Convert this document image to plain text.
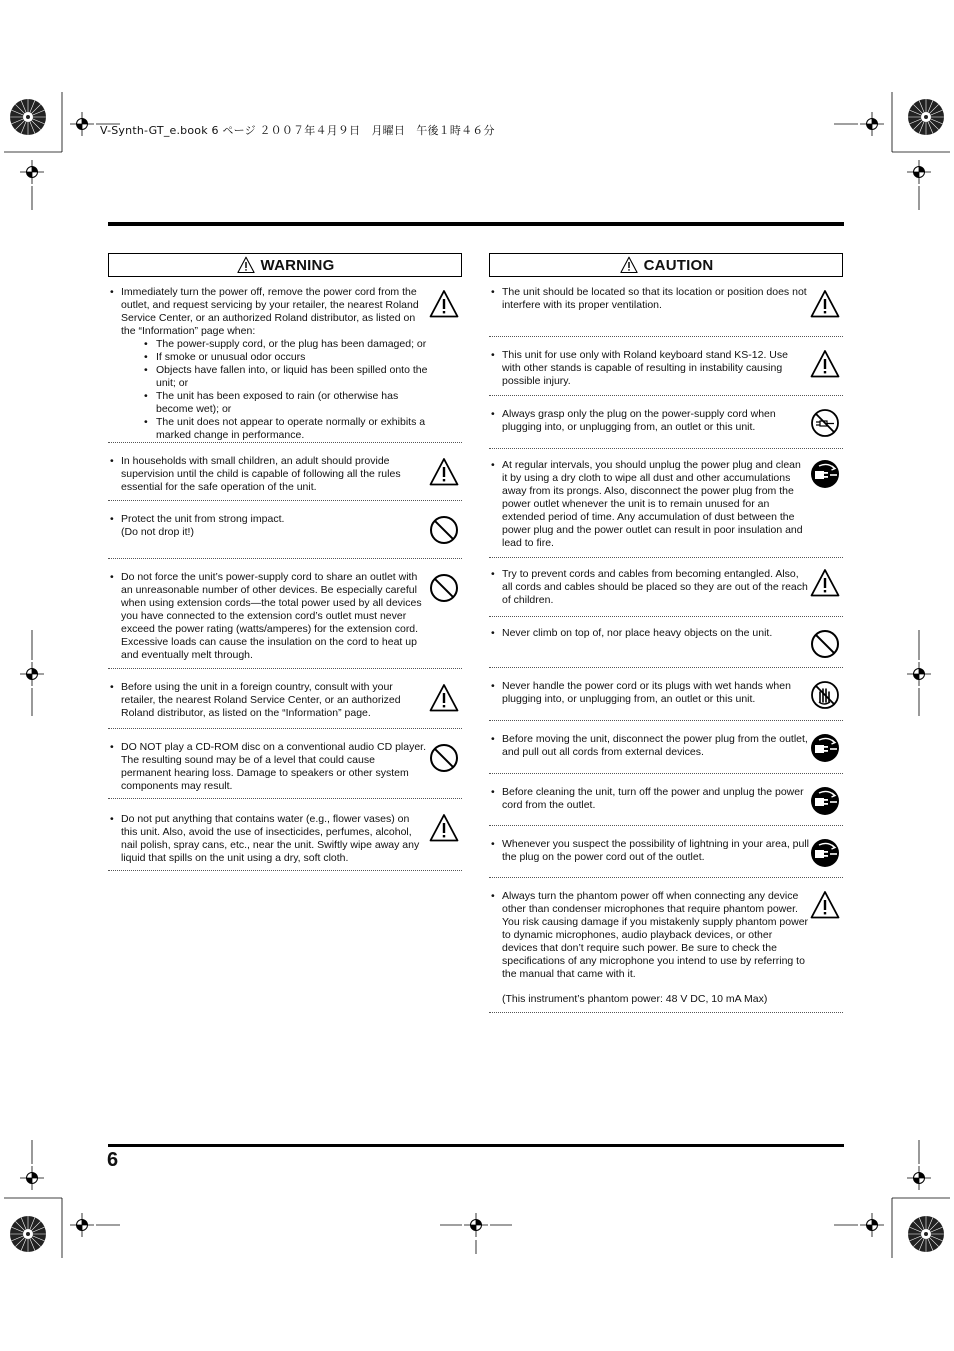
V-Synth-GT_e.book 6 ページ ２００７年４月９日　月曜日　午後１時４６分
WARNING
• Immediately turn the power off, remove the power cord from the outlet, and request servicing by your retailer, the nearest Roland Service Center, or an authorized Roland distributor, as listed on the “Information” page when:

• The power-supply cord, or the plug has been damaged; or
• If smoke or unusual odor occurs
• Objects have fallen into, or liquid has been spilled onto the unit; or
• The unit has been exposed to rain (or otherwise has become wet); or
• The unit does not appear to operate normally or exhibits a marked change in performance.
• In households with small children, an adult should provide supervision until the child is capable of following all the rules essential for the safe operation of the unit.

• Protect the unit from strong impact.

(Do not drop it!)

• Do not force the unit’s power-supply cord to share an outlet with an unreasonable number of other devices. Be especially careful when using extension cords—the total power used by all devices you have connected to the extension cord’s outlet must never exceed the power rating (watts/amperes) for the extension cord. Excessive loads can cause the insulation on the cord to heat up and eventually melt through.

• Before using the unit in a foreign country, consult with your retailer, the nearest Roland Service Center, or an authorized Roland distributor, as listed on the “Information” page.

• DO NOT play a CD-ROM disc on a conventional audio CD player. The resulting sound may be of a level that could cause permanent hearing loss. Damage to speakers or other system components may result.

• Do not put anything that contains water (e.g., flower vases) on this unit. Also, avoid the use of insecticides, perfumes, alcohol, nail polish, spray cans, etc., near the unit. Swiftly wipe away any liquid that spills on the unit using a dry, soft cloth.

CAUTION
• The unit should be located so that its location or position does not interfere with its proper ventilation.

• This unit for use only with Roland keyboard stand KS-12. Use with other stands is capable of resulting in instability causing possible injury.

• Always grasp only the plug on the power-supply cord when plugging into, or unplugging from, an outlet or this unit.

• At regular intervals, you should unplug the power plug and clean it by using a dry cloth to wipe all dust and other accumulations away from its prongs. Also, disconnect the power plug from the power outlet whenever the unit is to remain unused for an extended period of time. Any accumulation of dust between the power plug and the power outlet can result in poor insulation and lead to fire.

• Try to prevent cords and cables from becoming entangled. Also, all cords and cables should be placed so they are out of the reach of children.

• Never climb on top of, nor place heavy objects on the unit.

• Never handle the power cord or its plugs with wet hands when plugging into, or unplugging from, an outlet or this unit.

• Before moving the unit, disconnect the power plug from the outlet, and pull out all cords from external devices.

• Before cleaning the unit, turn off the power and unplug the power cord from the outlet.

• Whenever you suspect the possibility of lightning in your area, pull the plug on the power cord out of the outlet.

• Always turn the phantom power off when connecting any device other than condenser microphones that require phantom power. You risk causing damage if you mistakenly supply phantom power to dynamic microphones, audio playback devices, or other devices that don’t require such power. Be sure to check the specifications of any microphone you intend to use by referring to the manual that came with it.

(This instrument’s phantom power: 48 V DC, 10 mA Max)

6
